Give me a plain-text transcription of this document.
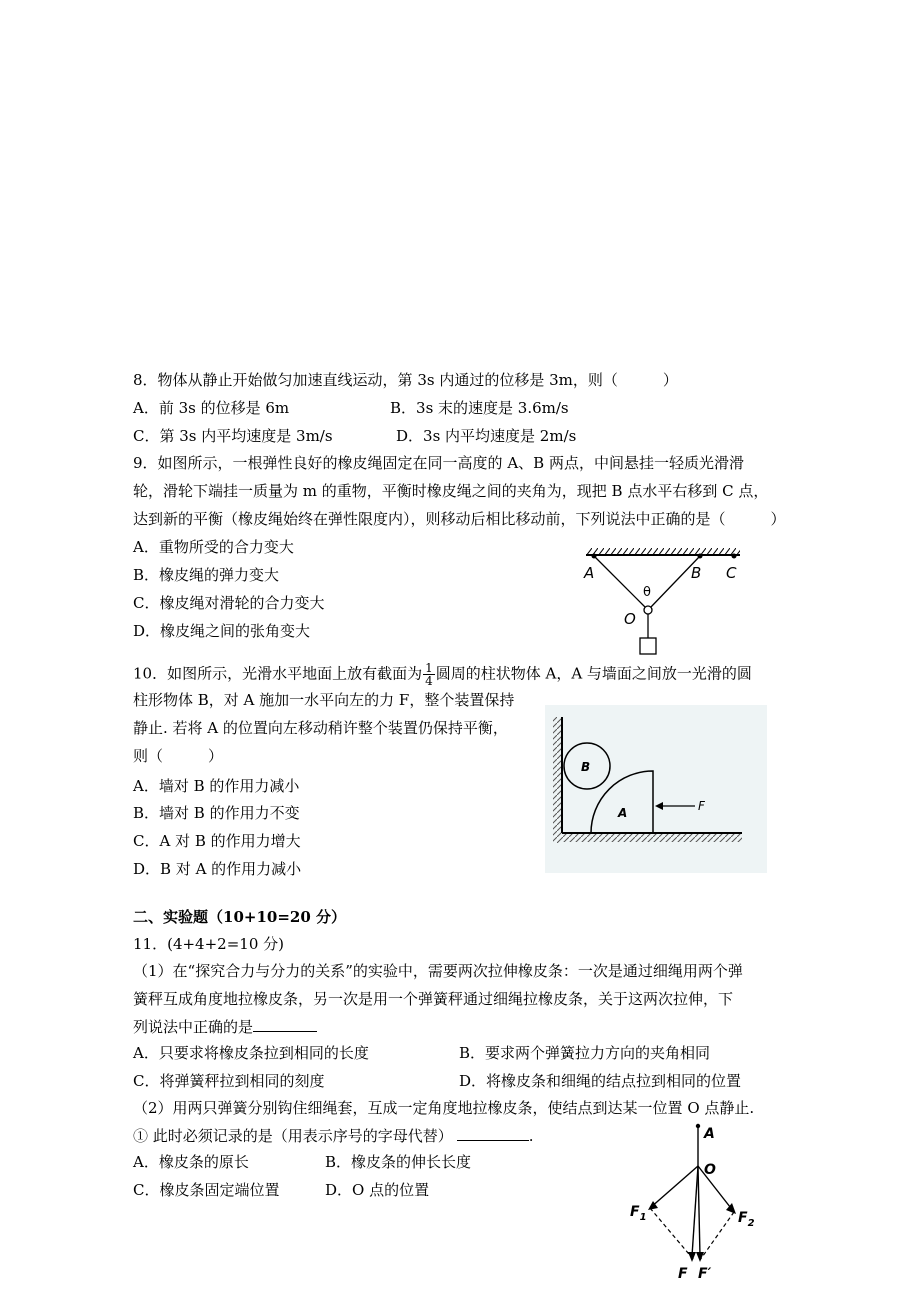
8．物体从静止开始做匀加速直线运动，第 3s 内通过的位移是 3m，则（　　　）
A．前 3s 的位移是 6m	B．3s 末的速度是 3.6m/s
C．第 3s 内平均速度是 3m/s	D．3s 内平均速度是 2m/s
9．如图所示，一根弹性良好的橡皮绳固定在同一高度的 A、B 两点，中间悬挂一轻质光滑滑
轮，滑轮下端挂一质量为 m 的重物，平衡时橡皮绳之间的夹角为，现把 B 点水平右移到 C 点，
达到新的平衡（橡皮绳始终在弹性限度内），则移动后相比移动前，下列说法中正确的是（　　　）
A．重物所受的合力变大
B．橡皮绳的弹力变大
C．橡皮绳对滑轮的合力变大
D．橡皮绳之间的张角变大
A	B C
O
θ
10．如图所示，光滑水平地面上放有截面为 $\frac{1}{4}$ 圆周的柱状物体 A，A 与墙面之间放一光滑的圆
柱形物体 B，对 A 施加一水平向左的力 F，整个装置保持
静止. 若将 A 的位置向左移动稍许整个装置仍保持平衡，
则（　　　）
A．墙对 B 的作用力减小
B．墙对 B 的作用力不变
C．A 对 B 的作用力增大
D．B 对 A 的作用力减小
B
A	F
二、实验题（10+10=20 分）
11．(4+4+2=10 分)
（1）在“探究合力与分力的关系”的实验中，需要两次拉伸橡皮条：一次是通过细绳用两个弹
簧秤互成角度地拉橡皮条，另一次是用一个弹簧秤通过细绳拉橡皮条，关于这两次拉伸，下
列说法中正确的是
A．只要求将橡皮条拉到相同的长度	B．要求两个弹簧拉力方向的夹角相同
C．将弹簧秤拉到相同的刻度	D．将橡皮条和细绳的结点拉到相同的位置
（2）用两只弹簧分别钩住细绳套，互成一定角度地拉橡皮条，使结点到达某一位置 O 点静止.
① 此时必须记录的是（用表示序号的字母代替）	.
A．橡皮条的原长	B．橡皮条的伸长长度
C．橡皮条固定端位置	D．O 点的位置
A
O
$F_1$	$F_2$
F F′
